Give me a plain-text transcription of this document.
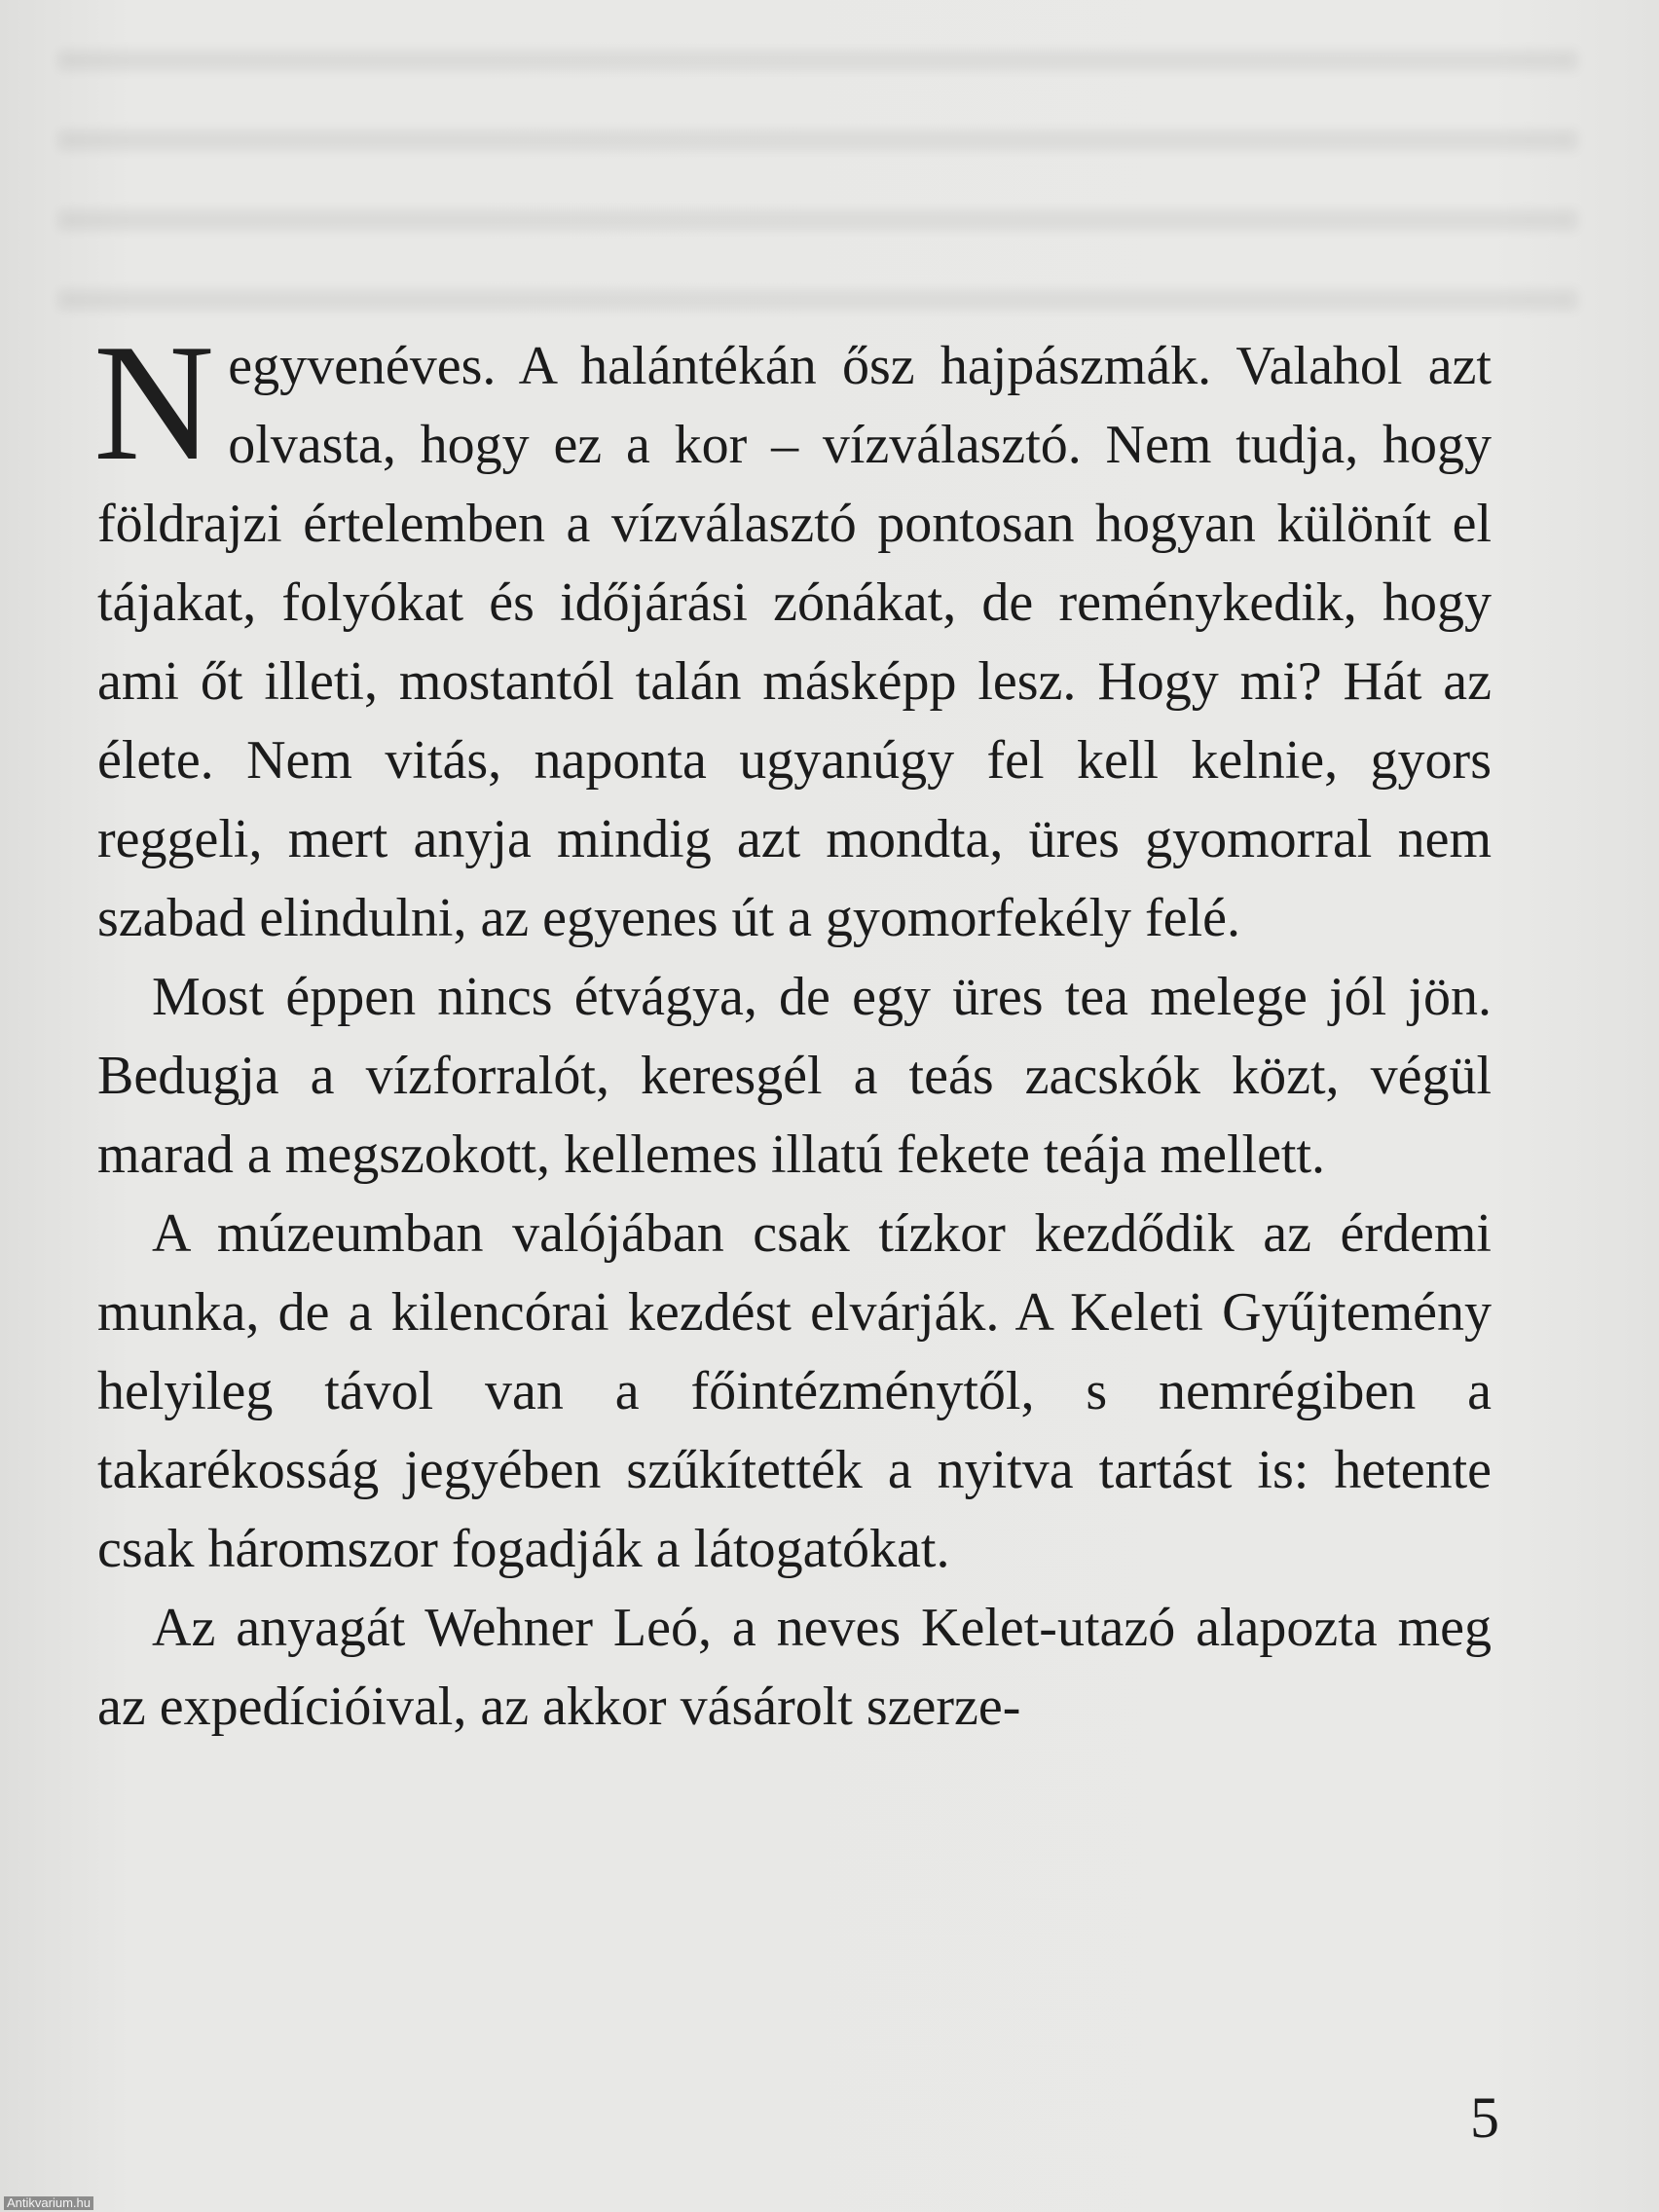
Negyvenéves. A halántékán ősz hajpászmák. Valahol azt olvasta, hogy ez a kor – vízválasztó. Nem tudja, hogy földrajzi értelemben a vízválasztó pontosan hogyan különít el tájakat, folyókat és időjárási zónákat, de reménykedik, hogy ami őt illeti, mostantól talán másképp lesz. Hogy mi? Hát az élete. Nem vitás, naponta ugyanúgy fel kell kelnie, gyors reggeli, mert anyja mindig azt mondta, üres gyomorral nem szabad elindulni, az egyenes út a gyomorfekély felé.

Most éppen nincs étvágya, de egy üres tea melege jól jön. Bedugja a vízforralót, keresgél a teás zacskók közt, végül marad a megszokott, kellemes illatú fekete teája mellett.

A múzeumban valójában csak tízkor kezdődik az érdemi munka, de a kilencórai kezdést elvárják. A Keleti Gyűjtemény helyileg távol van a főintézménytől, s nemrégiben a takarékosság jegyében szűkítették a nyitva tartást is: hetente csak háromszor fogadják a látogatókat.

Az anyagát Wehner Leó, a neves Kelet-utazó alapozta meg az expedícióival, az akkor vásárolt szerze-

5
Antikvarium.hu
